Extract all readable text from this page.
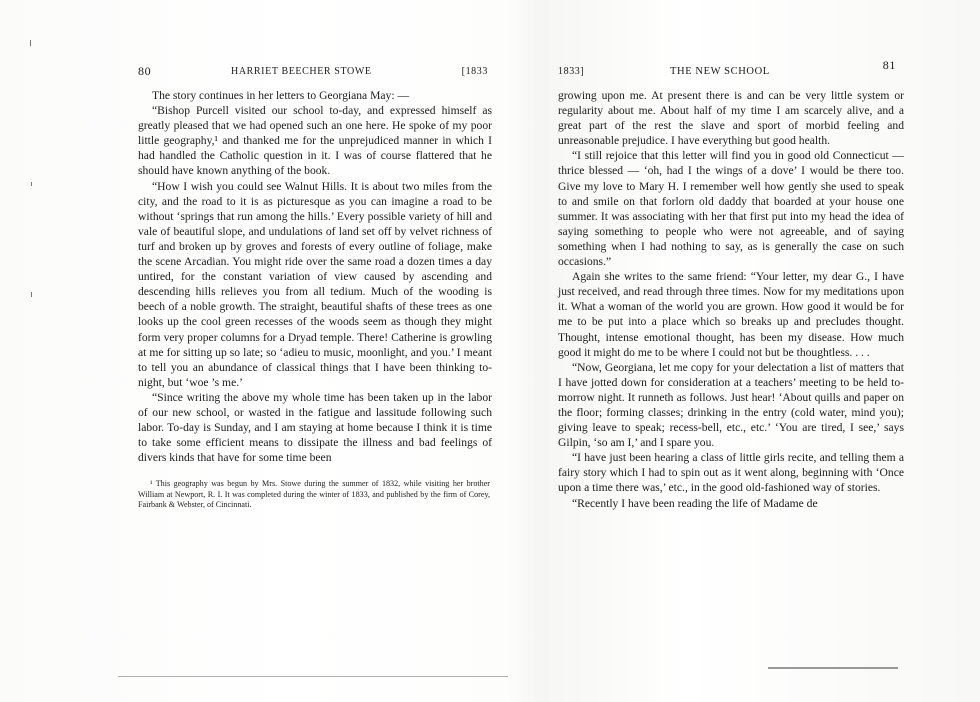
80	HARRIET BEECHER STOWE	[1833

The story continues in her letters to Georgiana May: —

“Bishop Purcell visited our school to-day, and expressed himself as greatly pleased that we had opened such an one here. He spoke of my poor little geography,¹ and thanked me for the unprejudiced manner in which I had handled the Catholic question in it. I was of course flattered that he should have known anything of the book.

“How I wish you could see Walnut Hills. It is about two miles from the city, and the road to it is as picturesque as you can imagine a road to be without ‘springs that run among the hills.’ Every possible variety of hill and vale of beautiful slope, and undulations of land set off by velvet richness of turf and broken up by groves and forests of every outline of foliage, make the scene Arcadian. You might ride over the same road a dozen times a day untired, for the constant variation of view caused by ascending and descending hills relieves you from all tedium. Much of the wooding is beech of a noble growth. The straight, beautiful shafts of these trees as one looks up the cool green recesses of the woods seem as though they might form very proper columns for a Dryad temple. There! Catherine is growling at me for sitting up so late; so ‘adieu to music, moonlight, and you.’ I meant to tell you an abundance of classical things that I have been thinking to-night, but ‘woe ’s me.’

“Since writing the above my whole time has been taken up in the labor of our new school, or wasted in the fatigue and lassitude following such labor. To-day is Sunday, and I am staying at home because I think it is time to take some efficient means to dissipate the illness and bad feelings of divers kinds that have for some time been

¹ This geography was begun by Mrs. Stowe during the summer of 1832, while visiting her brother William at Newport, R. I. It was completed during the winter of 1833, and published by the firm of Corey, Fairbank & Webster, of Cincinnati.

1833]	THE NEW SCHOOL	81

growing upon me. At present there is and can be very little system or regularity about me. About half of my time I am scarcely alive, and a great part of the rest the slave and sport of morbid feeling and unreasonable prejudice. I have everything but good health.

“I still rejoice that this letter will find you in good old Connecticut — thrice blessed — ‘oh, had I the wings of a dove’ I would be there too. Give my love to Mary H. I remember well how gently she used to speak to and smile on that forlorn old daddy that boarded at your house one summer. It was associating with her that first put into my head the idea of saying something to people who were not agreeable, and of saying something when I had nothing to say, as is generally the case on such occasions.”

Again she writes to the same friend: “Your letter, my dear G., I have just received, and read through three times. Now for my meditations upon it. What a woman of the world you are grown. How good it would be for me to be put into a place which so breaks up and precludes thought. Thought, intense emotional thought, has been my disease. How much good it might do me to be where I could not but be thoughtless. . . .

“Now, Georgiana, let me copy for your delectation a list of matters that I have jotted down for consideration at a teachers’ meeting to be held to-morrow night. It runneth as follows. Just hear! ‘About quills and paper on the floor; forming classes; drinking in the entry (cold water, mind you); giving leave to speak; recess-bell, etc., etc.’ ‘You are tired, I see,’ says Gilpin, ‘so am I,’ and I spare you.

“I have just been hearing a class of little girls recite, and telling them a fairy story which I had to spin out as it went along, beginning with ‘Once upon a time there was,’ etc., in the good old-fashioned way of stories.

“Recently I have been reading the life of Madame de
